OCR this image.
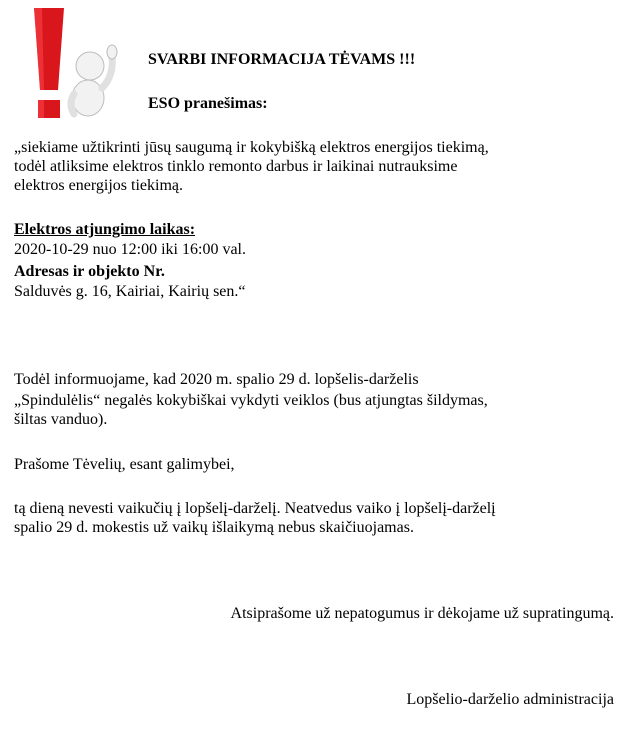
SVARBI INFORMACIJA TĖVAMS !!!

ESO pranešimas:

„siekiame užtikrinti jūsų saugumą ir kokybišką elektros energijos tiekimą,

todėl atliksime elektros tinklo remonto darbus ir laikinai nutrauksime

elektros energijos tiekimą.

Elektros atjungimo laikas:

2020-10-29 nuo 12:00 iki 16:00 val.

Adresas ir objekto Nr.

Salduvės g. 16, Kairiai, Kairių sen.“

Todėl informuojame, kad 2020 m. spalio 29 d. lopšelis-darželis

„Spindulėlis“ negalės kokybiškai vykdyti veiklos (bus atjungtas šildymas,

šiltas vanduo).

Prašome Tėvelių, esant galimybei,

tą dieną nevesti vaikučių į lopšelį-darželį. Neatvedus vaiko į lopšelį-darželį

spalio 29 d. mokestis už vaikų išlaikymą nebus skaičiuojamas.

Atsiprašome už nepatogumus ir dėkojame už supratingumą.

Lopšelio-darželio administracija
